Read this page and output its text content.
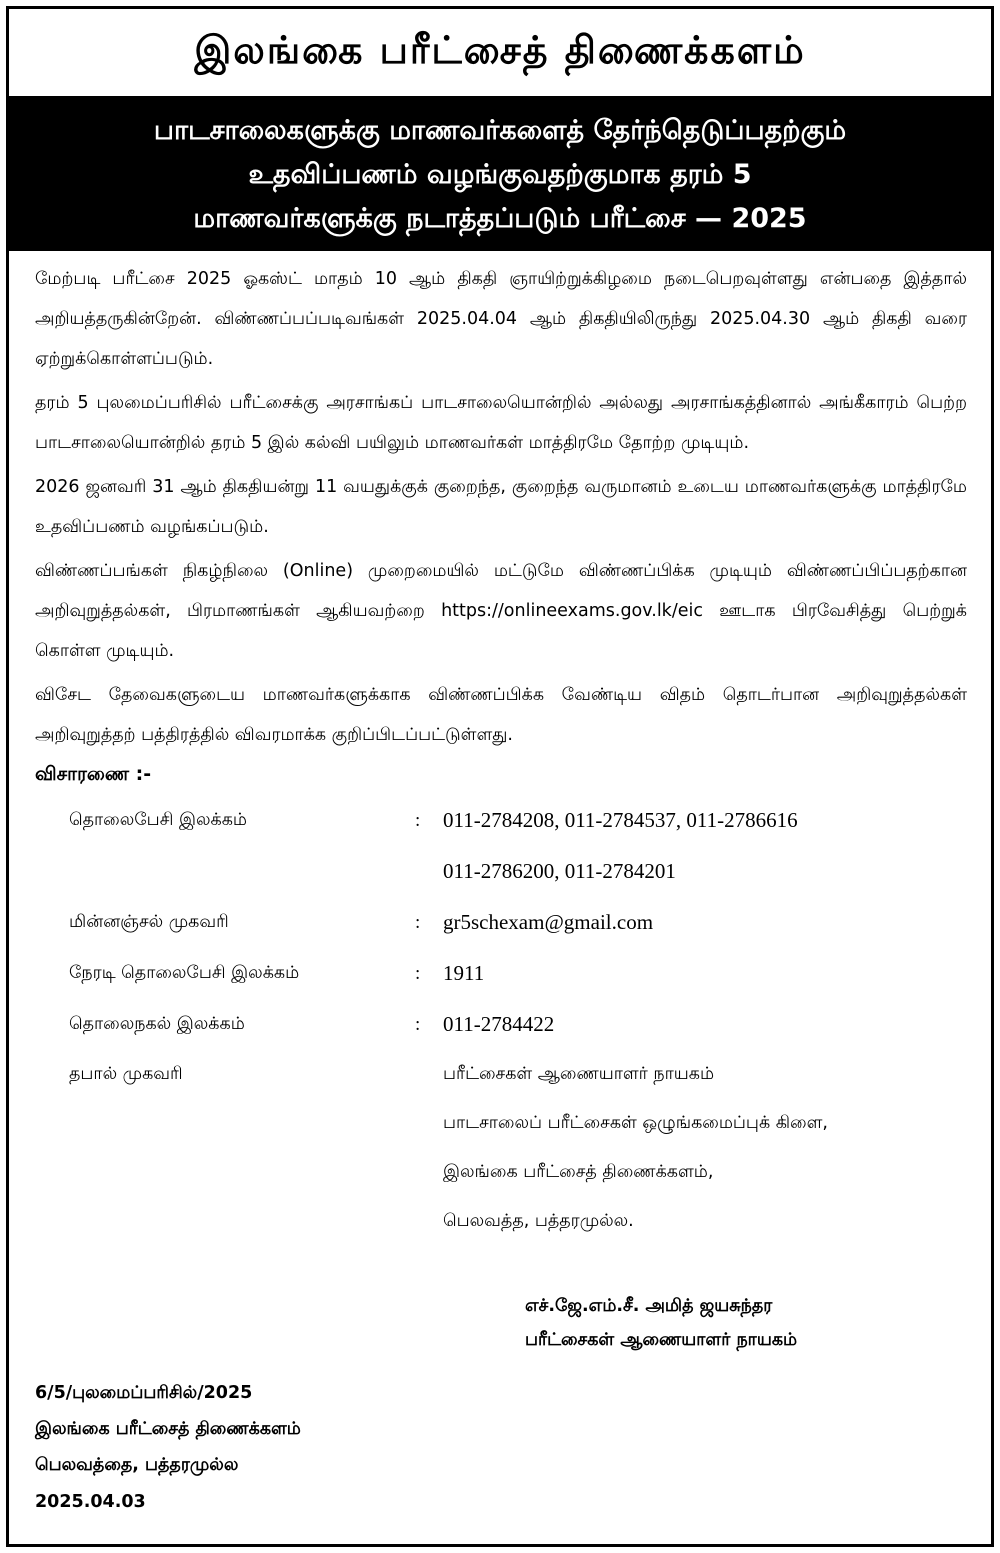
இலங்கை பரீட்சைத் திணைக்களம்
பாடசாலைகளுக்கு மாணவர்களைத் தேர்ந்தெடுப்பதற்கும்
உதவிப்பணம் வழங்குவதற்குமாக தரம் 5
மாணவர்களுக்கு நடாத்தப்படும் பரீட்சை — 2025

மேற்படி பரீட்சை 2025 ஓகஸ்ட் மாதம் 10 ஆம் திகதி ஞாயிற்றுக்கிழமை நடைபெறவுள்ளது என்பதை இத்தால் அறியத்தருகின்றேன். விண்ணப்பப்படிவங்கள் 2025.04.04 ஆம் திகதியிலிருந்து 2025.04.30 ஆம் திகதி வரை ஏற்றுக்கொள்ளப்படும்.

தரம் 5 புலமைப்பரிசில் பரீட்சைக்கு அரசாங்கப் பாடசாலையொன்றில் அல்லது அரசாங்கத்தினால் அங்கீகாரம் பெற்ற பாடசாலையொன்றில் தரம் 5 இல் கல்வி பயிலும் மாணவர்கள் மாத்திரமே தோற்ற முடியும்.

2026 ஜனவரி 31 ஆம் திகதியன்று 11 வயதுக்குக் குறைந்த, குறைந்த வருமானம் உடைய மாணவர்களுக்கு மாத்திரமே உதவிப்பணம் வழங்கப்படும்.

விண்ணப்பங்கள் நிகழ்நிலை (Online) முறைமையில் மட்டுமே விண்ணப்பிக்க முடியும் விண்ணப்பிப்பதற்கான அறிவுறுத்தல்கள், பிரமாணங்கள் ஆகியவற்றை https://onlineexams.gov.lk/eic ஊடாக பிரவேசித்து பெற்றுக் கொள்ள முடியும்.

விசேட தேவைகளுடைய மாணவர்களுக்காக விண்ணப்பிக்க வேண்டிய விதம் தொடர்பான அறிவுறுத்தல்கள் அறிவுறுத்தற் பத்திரத்தில் விவரமாக்க குறிப்பிடப்பட்டுள்ளது.

விசாரணை :-
தொலைபேசி இலக்கம்	:	011-2784208, 011-2784537, 011-2786616
011-2786200, 011-2784201
மின்னஞ்சல் முகவரி	:	gr5schexam@gmail.com
நேரடி தொலைபேசி இலக்கம்	:	1911
தொலைநகல் இலக்கம்	:	011-2784422
தபால் முகவரி	பரீட்சைகள் ஆணையாளர் நாயகம்
பாடசாலைப் பரீட்சைகள் ஒழுங்கமைப்புக் கிளை,
இலங்கை பரீட்சைத் திணைக்களம்,
பெலவத்த, பத்தரமுல்ல.
எச்.ஜே.எம்.சீ. அமித் ஜயசுந்தர
பரீட்சைகள் ஆணையாளர் நாயகம்
6/5/புலமைப்பரிசில்/2025
இலங்கை பரீட்சைத் திணைக்களம்
பெலவத்தை, பத்தரமுல்ல
2025.04.03
